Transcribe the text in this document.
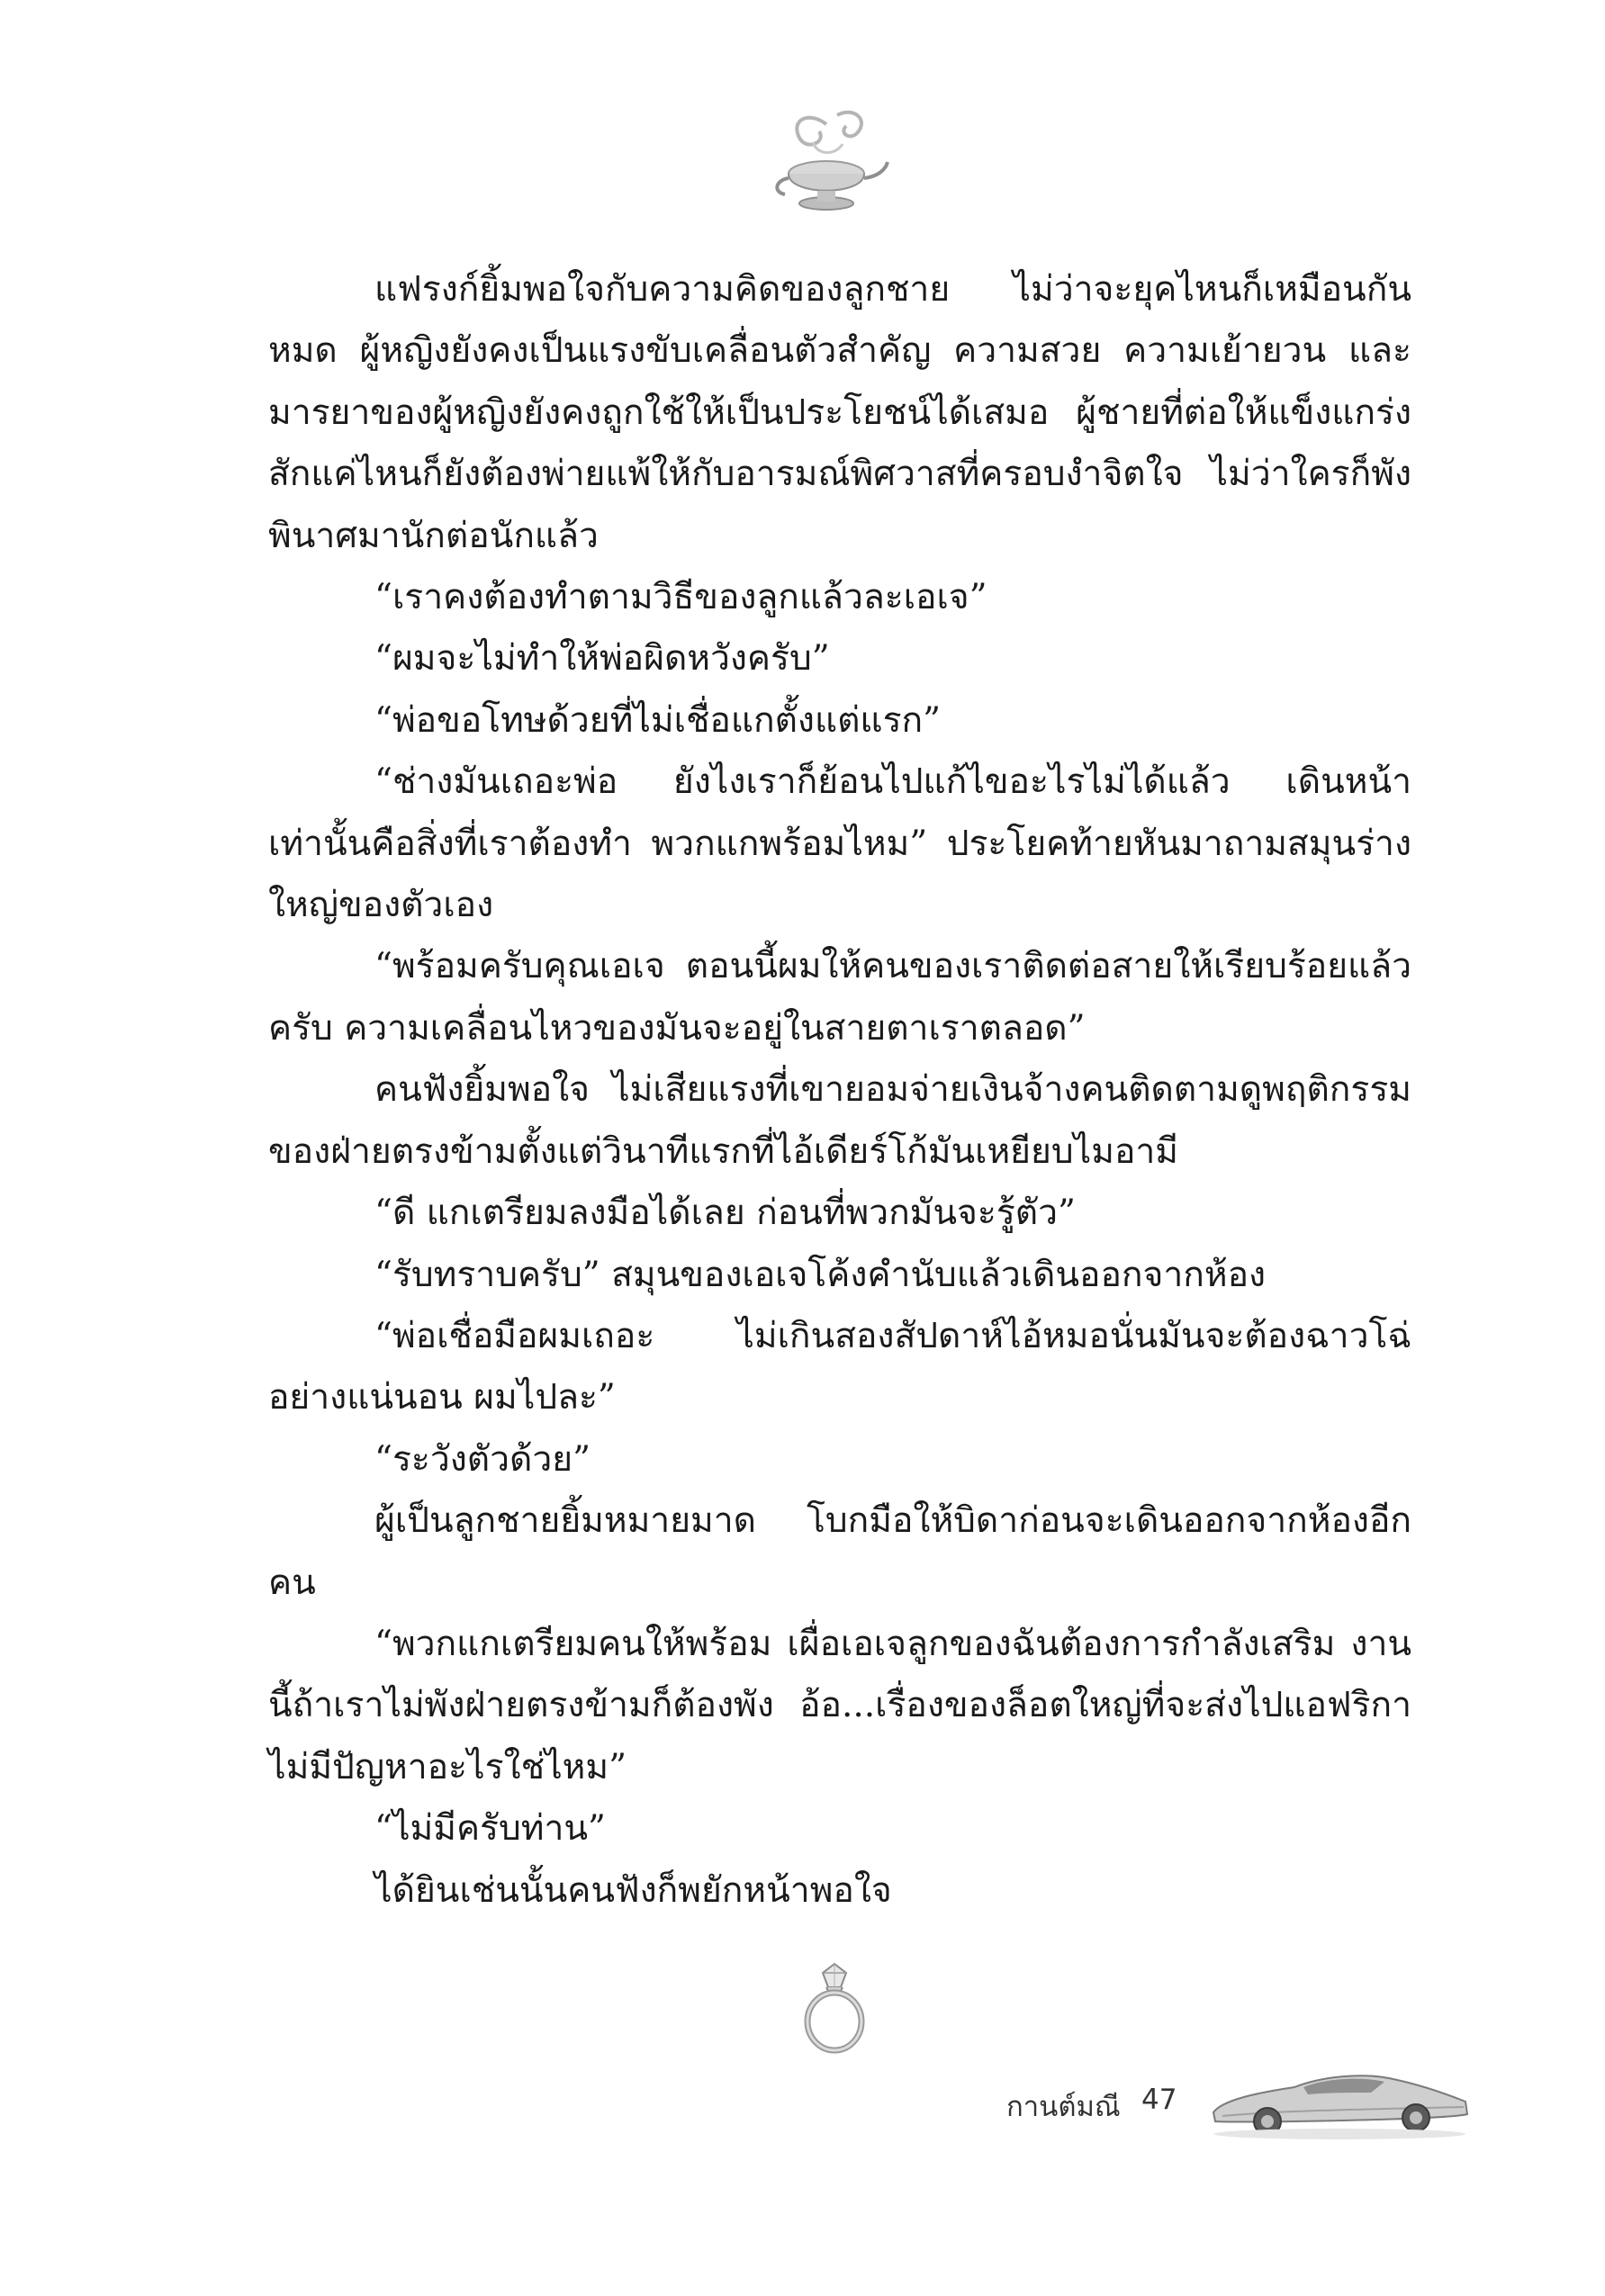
แฟรงก์ยิ้มพอใจกับความคิดของลูกชาย ไม่ว่าจะยุคไหนก็เหมือนกันหมด ผู้หญิงยังคงเป็นแรงขับเคลื่อนตัวสำคัญ ความสวย ความเย้ายวน และมารยาของผู้หญิงยังคงถูกใช้ให้เป็นประโยชน์ได้เสมอ ผู้ชายที่ต่อให้แข็งแกร่งสักแค่ไหนก็ยังต้องพ่ายแพ้ให้กับอารมณ์พิศวาสที่ครอบงำจิตใจ ไม่ว่าใครก็พังพินาศมานักต่อนักแล้ว

“เราคงต้องทำตามวิธีของลูกแล้วละเอเจ”

“ผมจะไม่ทำให้พ่อผิดหวังครับ”

“พ่อขอโทษด้วยที่ไม่เชื่อแกตั้งแต่แรก”

“ช่างมันเถอะพ่อ ยังไงเราก็ย้อนไปแก้ไขอะไรไม่ได้แล้ว เดินหน้าเท่านั้นคือสิ่งที่เราต้องทำ พวกแกพร้อมไหม” ประโยคท้ายหันมาถามสมุนร่างใหญ่ของตัวเอง

“พร้อมครับคุณเอเจ ตอนนี้ผมให้คนของเราติดต่อสายให้เรียบร้อยแล้วครับ ความเคลื่อนไหวของมันจะอยู่ในสายตาเราตลอด”

คนฟังยิ้มพอใจ ไม่เสียแรงที่เขายอมจ่ายเงินจ้างคนติดตามดูพฤติกรรมของฝ่ายตรงข้ามตั้งแต่วินาทีแรกที่ไอ้เดียร์โก้มันเหยียบไมอามี

“ดี แกเตรียมลงมือได้เลย ก่อนที่พวกมันจะรู้ตัว”

“รับทราบครับ” สมุนของเอเจโค้งคำนับแล้วเดินออกจากห้อง

“พ่อเชื่อมือผมเถอะ ไม่เกินสองสัปดาห์ไอ้หมอนั่นมันจะต้องฉาวโฉ่อย่างแน่นอน ผมไปละ”

“ระวังตัวด้วย”

ผู้เป็นลูกชายยิ้มหมายมาด โบกมือให้บิดาก่อนจะเดินออกจากห้องอีกคน

“พวกแกเตรียมคนให้พร้อม เผื่อเอเจลูกของฉันต้องการกำลังเสริม งานนี้ถ้าเราไม่พังฝ่ายตรงข้ามก็ต้องพัง อ้อ...เรื่องของล็อตใหญ่ที่จะส่งไปแอฟริกาไม่มีปัญหาอะไรใช่ไหม”

“ไม่มีครับท่าน”

ได้ยินเช่นนั้นคนฟังก็พยักหน้าพอใจ

กานต์มณี 47
